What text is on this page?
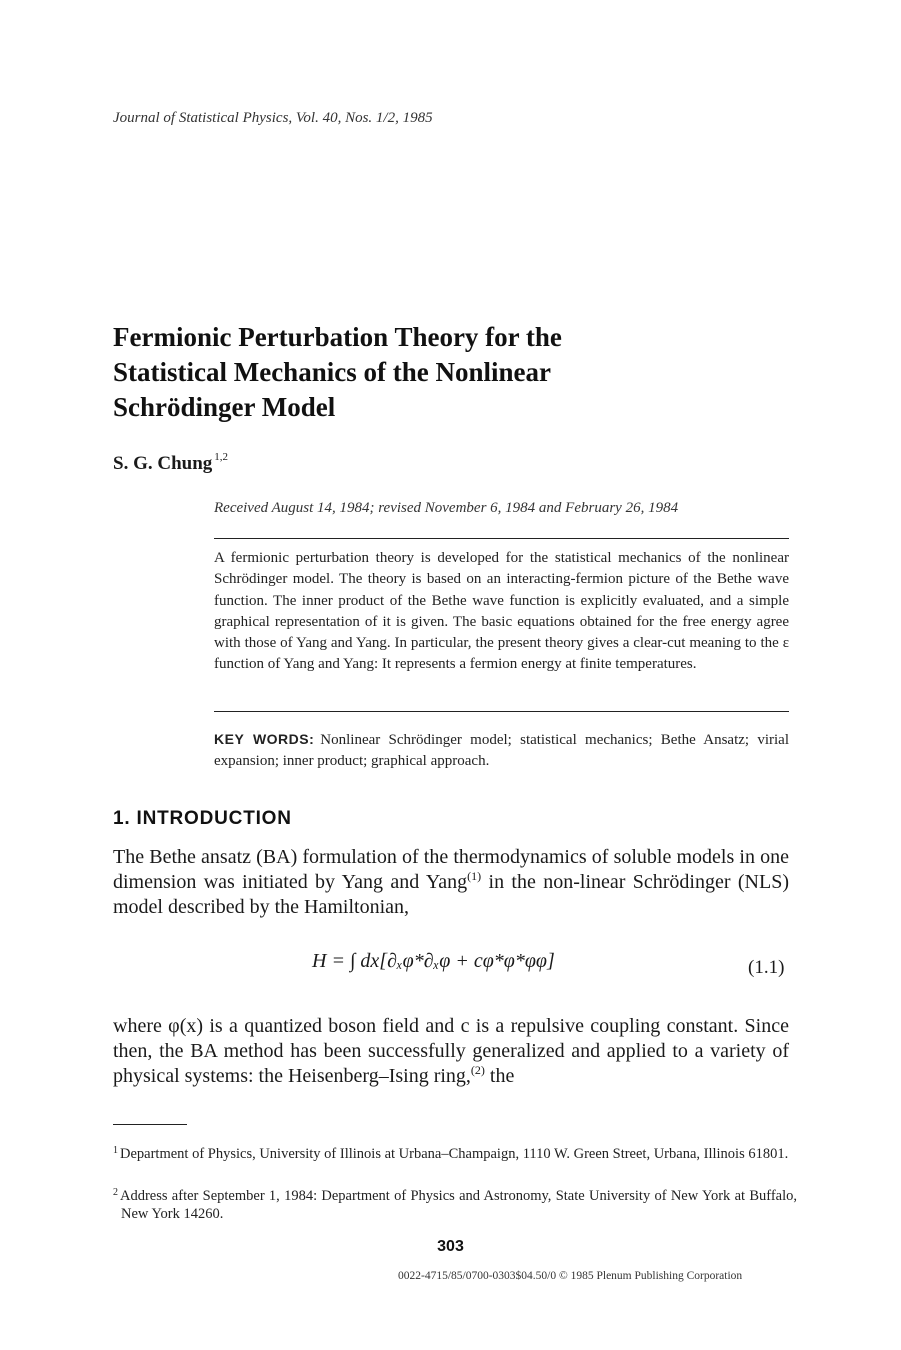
Journal of Statistical Physics, Vol. 40, Nos. 1/2, 1985
Fermionic Perturbation Theory for the
Statistical Mechanics of the Nonlinear
Schrödinger Model
S. G. Chung $^{1,2}$
Received August 14, 1984; revised November 6, 1984 and February 26, 1984
A fermionic perturbation theory is developed for the statistical mechanics of the nonlinear Schrödinger model. The theory is based on an interacting-fermion picture of the Bethe wave function. The inner product of the Bethe wave function is explicitly evaluated, and a simple graphical representation of it is given. The basic equations obtained for the free energy agree with those of Yang and Yang. In particular, the present theory gives a clear-cut meaning to the ε function of Yang and Yang: It represents a fermion energy at finite temperatures.
KEY WORDS: Nonlinear Schrödinger model; statistical mechanics; Bethe Ansatz; virial expansion; inner product; graphical approach.
1. INTRODUCTION
The Bethe ansatz (BA) formulation of the thermodynamics of soluble models in one dimension was initiated by Yang and Yang$^{(1)}$ in the non-linear Schrödinger (NLS) model described by the Hamiltonian,
H = ∫ dx[∂ₓφ*∂ₓφ + cφ*φ*φφ]	(1.1)
where φ(x) is a quantized boson field and c is a repulsive coupling constant. Since then, the BA method has been successfully generalized and applied to a variety of physical systems: the Heisenberg–Ising ring,$^{(2)}$ the
$^1$ Department of Physics, University of Illinois at Urbana–Champaign, 1110 W. Green Street, Urbana, Illinois 61801.
$^2$ Address after September 1, 1984: Department of Physics and Astronomy, State University of New York at Buffalo, New York 14260.
303
0022-4715/85/0700-0303$04.50/0 © 1985 Plenum Publishing Corporation
